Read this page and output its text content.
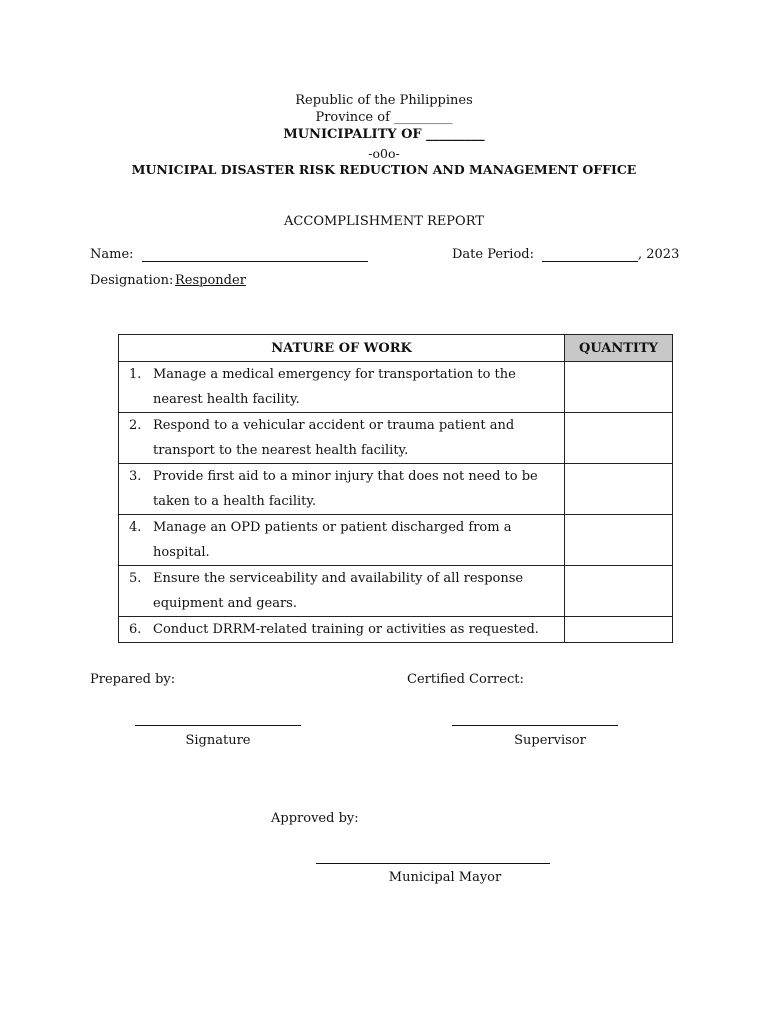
Republic of the Philippines
Province of _________
MUNICIPALITY OF _________
-o0o-
MUNICIPAL DISASTER RISK REDUCTION AND MANAGEMENT OFFICE
ACCOMPLISHMENT REPORT
Name:	Date Period:	, 2023
Designation: Responder
NATURE OF WORK	QUANTITY

1. Manage a medical emergency for transportation to the nearest health facility.	

2. Respond to a vehicular accident or trauma patient and transport to the nearest health facility.	

3. Provide first aid to a minor injury that does not need to be taken to a health facility.	

4. Manage an OPD patients or patient discharged from a hospital.	

5. Ensure the serviceability and availability of all response equipment and gears.	

6. Conduct DRRM-related training or activities as requested.	

Prepared by:	Certified Correct:
Signature	Supervisor
Approved by:
Municipal Mayor
